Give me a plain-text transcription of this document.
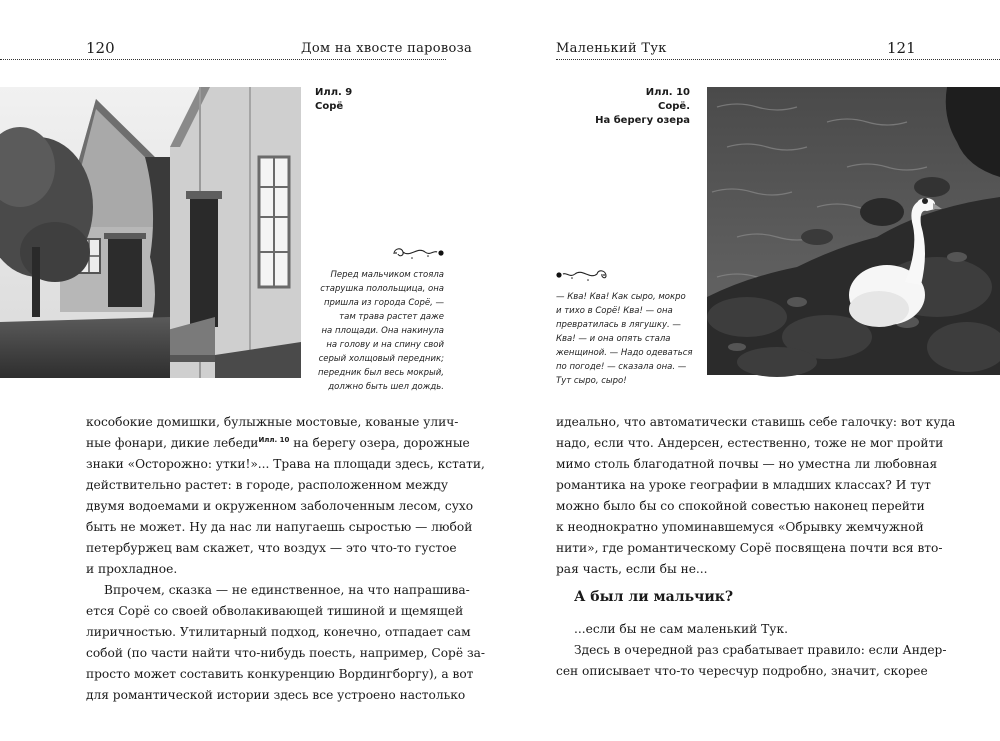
120	Дом на хвосте паровоза
Илл. 9
Сорё
Перед мальчиком стояла
старушка полольщица, она
пришла из города Сорё, —
там трава растет даже
на площади. Она накинула
на голову и на спину свой
серый холщовый передник;
передник был весь мокрый,
должно быть шел дождь.
кособокие домишки, булыжные мостовые, кованые улич-
ные фонари, дикие лебеди$^{Илл. 10}$ на берегу озера, дорожные
знаки «Осторожно: утки!»... Трава на площади здесь, кстати,
действительно растет: в городе, расположенном между
двумя водоемами и окруженном заболоченным лесом, сухо
быть не может. Ну да нас ли напугаешь сыростью — любой
петербуржец вам скажет, что воздух — это что-то густое
и прохладное.
Впрочем, сказка — не единственное, на что напрашива-
ется Сорё со своей обволакивающей тишиной и щемящей
лиричностью. Утилитарный подход, конечно, отпадает сам
собой (по части найти что-нибудь поесть, например, Сорё за-
просто может составить конкуренцию Вордингборгу), а вот
для романтической истории здесь все устроено настолько
Маленький Тук	121
Илл. 10
Сорё.
На берегу озера
— Ква! Ква! Как сыро, мокро
и тихо в Сорё! Ква! — она
превратилась в лягушку. —
Ква! — и она опять стала
женщиной. — Надо одеваться
по погоде! — сказала она. —
Тут сыро, сыро!
идеально, что автоматически ставишь себе галочку: вот куда
надо, если что. Андерсен, естественно, тоже не мог пройти
мимо столь благодатной почвы — но уместна ли любовная
романтика на уроке географии в младших классах? И тут
можно было бы со спокойной совестью наконец перейти
к неоднократно упоминавшемуся «Обрывку жемчужной
нити», где романтическому Сорё посвящена почти вся вто-
рая часть, если бы не...
А был ли мальчик?
...если бы не сам маленький Тук.
Здесь в очередной раз срабатывает правило: если Андер-
сен описывает что-то чересчур подробно, значит, скорее
